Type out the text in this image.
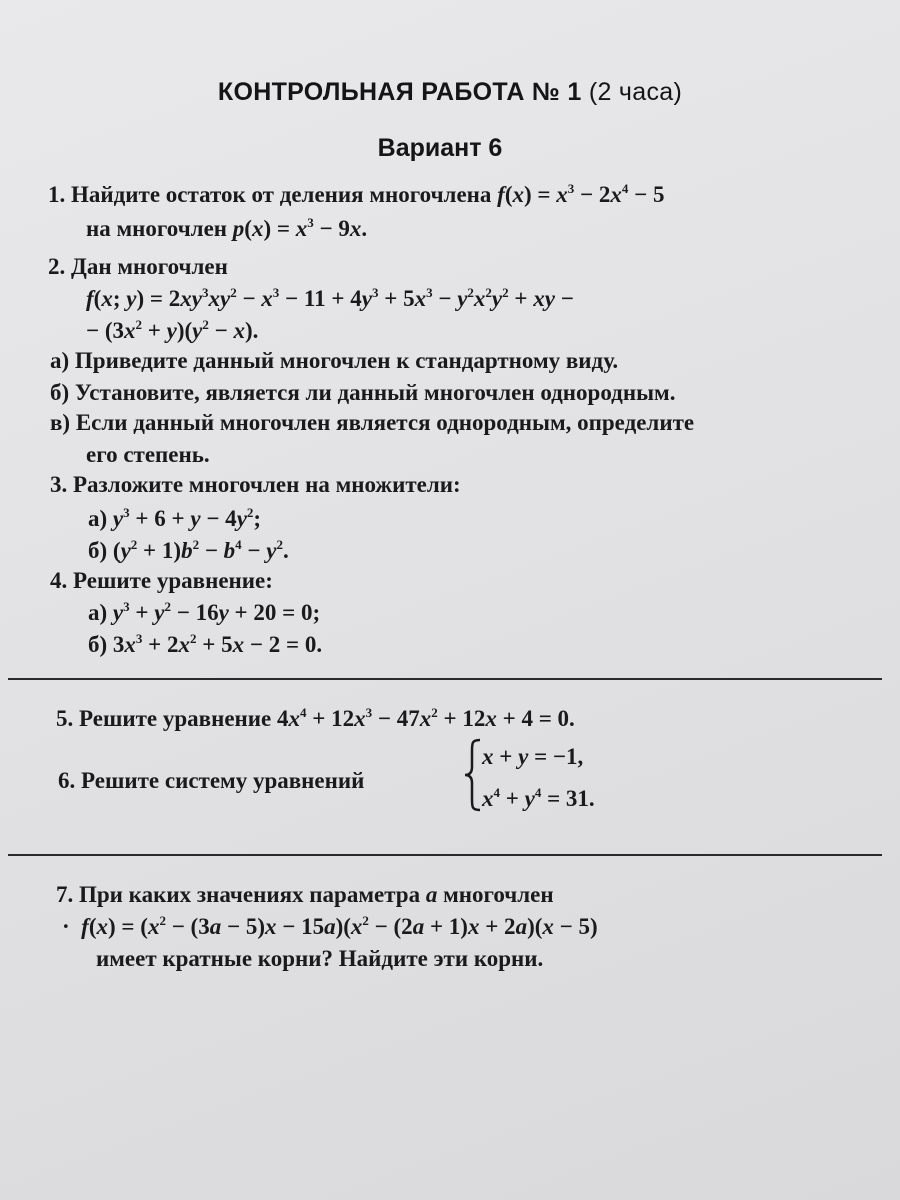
КОНТРОЛЬНАЯ РАБОТА № 1 (2 часа)
Вариант 6
1. Найдите остаток от деления многочлена $f(x) = x^3 - 2x^4 - 5$
на многочлен $p(x) = x^3 - 9x$.
2. Дан многочлен
f(x; $y) = 2xy^3xy^2 - x^3 - 11 + 4y^3 + 5x^3 - y^2x^2y^2$ + xy −
− $(3x^2 + y)(y^2 - x)$.
а) Приведите данный многочлен к стандартному виду.
б) Установите, является ли данный многочлен однородным.
в) Если данный многочлен является однородным, определите
его степень.
3. Разложите многочлен на множители:
а) $y^3 + 6 + y - 4y^2$;
б) $(y^2 + 1)b^2 - b^4 - y^2$.
4. Решите уравнение:
а) $y^3 + y^2 - 16y + 20 = 0$;
б) $3x^3 + 2x^2 + 5x - 2 = 0$.
5. Решите уравнение $4x^4 + 12x^3 - 47x^2 + 12x + 4 = 0$.
6. Решите систему уравнений
x + y = −1,
$x^4 + y^4 = 31$.
7. При каких значениях параметра a многочлен
·  $f(x) = (x^2 - (3a - 5)x - 15a)(x^2 - (2a + 1)x + 2a)(x - 5)$
имеет кратные корни? Найдите эти корни.
